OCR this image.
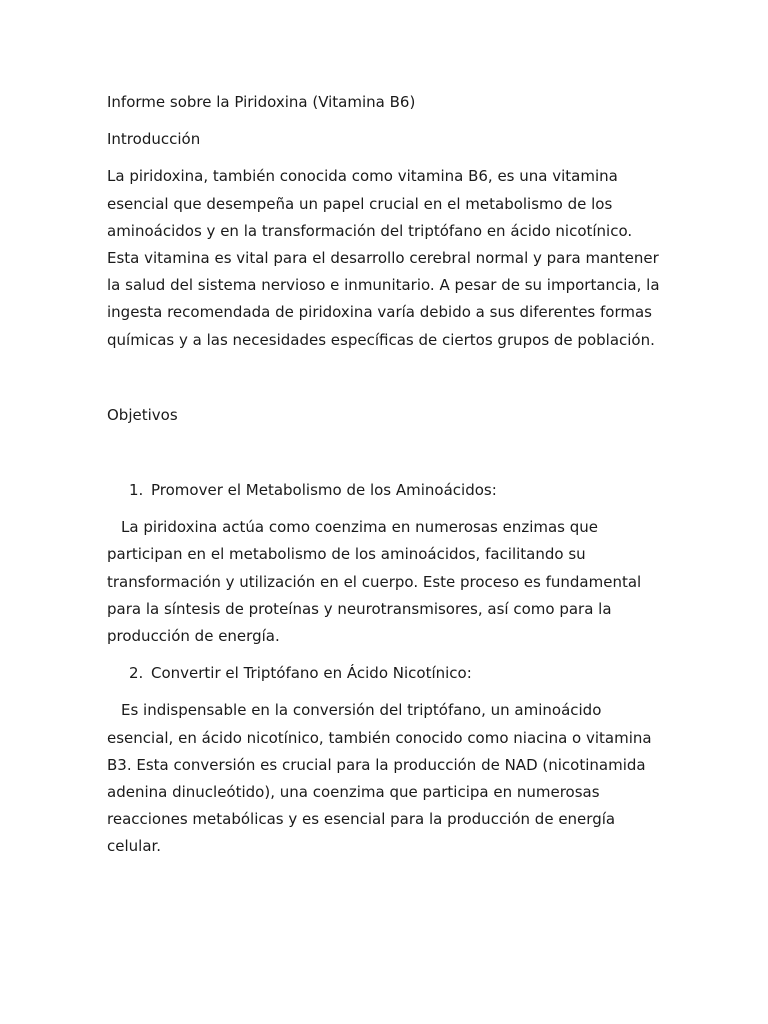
Informe sobre la Piridoxina (Vitamina B6)

Introducción

La piridoxina, también conocida como vitamina B6, es una vitamina esencial que desempeña un papel crucial en el metabolismo de los aminoácidos y en la transformación del triptófano en ácido nicotínico. Esta vitamina es vital para el desarrollo cerebral normal y para mantener la salud del sistema nervioso e inmunitario. A pesar de su importancia, la ingesta recomendada de piridoxina varía debido a sus diferentes formas químicas y a las necesidades específicas de ciertos grupos de población.

Objetivos

1. Promover el Metabolismo de los Aminoácidos:

La piridoxina actúa como coenzima en numerosas enzimas que participan en el metabolismo de los aminoácidos, facilitando su transformación y utilización en el cuerpo. Este proceso es fundamental para la síntesis de proteínas y neurotransmisores, así como para la producción de energía.

2. Convertir el Triptófano en Ácido Nicotínico:

Es indispensable en la conversión del triptófano, un aminoácido esencial, en ácido nicotínico, también conocido como niacina o vitamina B3. Esta conversión es crucial para la producción de NAD (nicotinamida adenina dinucleótido), una coenzima que participa en numerosas reacciones metabólicas y es esencial para la producción de energía celular.
